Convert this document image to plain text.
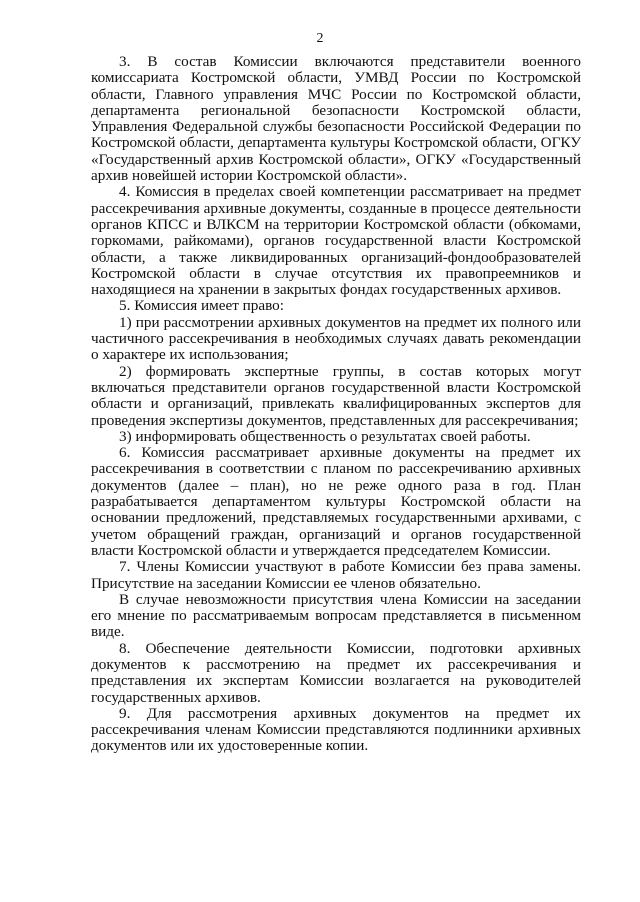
2

3. В состав Комиссии включаются представители военного комиссариата Костромской области, УМВД России по Костромской области, Главного управления МЧС России по Костромской области, департамента региональной безопасности Костромской области, Управления Федеральной службы безопасности Российской Федерации по Костромской области, департамента культуры Костромской области, ОГКУ «Государственный архив Костромской области», ОГКУ «Государственный архив новейшей истории Костромской области».

4. Комиссия в пределах своей компетенции рассматривает на предмет рассекречивания архивные документы, созданные в процессе деятельности органов КПСС и ВЛКСМ на территории Костромской области (обкомами, горкомами, райкомами), органов государственной власти Костромской области, а также ликвидированных организаций-фондообразователей Костромской области в случае отсутствия их правопреемников и находящиеся на хранении в закрытых фондах государственных архивов.

5. Комиссия имеет право:

1) при рассмотрении архивных документов на предмет их полного или частичного рассекречивания в необходимых случаях давать рекомендации о характере их использования;

2) формировать экспертные группы, в состав которых могут включаться представители органов государственной власти Костромской области и организаций, привлекать квалифицированных экспертов для проведения экспертизы документов, представленных для рассекречивания;

3) информировать общественность о результатах своей работы.

6. Комиссия рассматривает архивные документы на предмет их рассекречивания в соответствии с планом по рассекречиванию архивных документов (далее – план), но не реже одного раза в год. План разрабатывается департаментом культуры Костромской области на основании предложений, представляемых государственными архивами, с учетом обращений граждан, организаций и органов государственной власти Костромской области и утверждается председателем Комиссии.

7. Члены Комиссии участвуют в работе Комиссии без права замены. Присутствие на заседании Комиссии ее членов обязательно.

В случае невозможности присутствия члена Комиссии на заседании его мнение по рассматриваемым вопросам представляется в письменном виде.

8. Обеспечение деятельности Комиссии, подготовки архивных документов к рассмотрению на предмет их рассекречивания и представления их экспертам Комиссии возлагается на руководителей государственных архивов.

9. Для рассмотрения архивных документов на предмет их рассекречивания членам Комиссии представляются подлинники архивных документов или их удостоверенные копии.
